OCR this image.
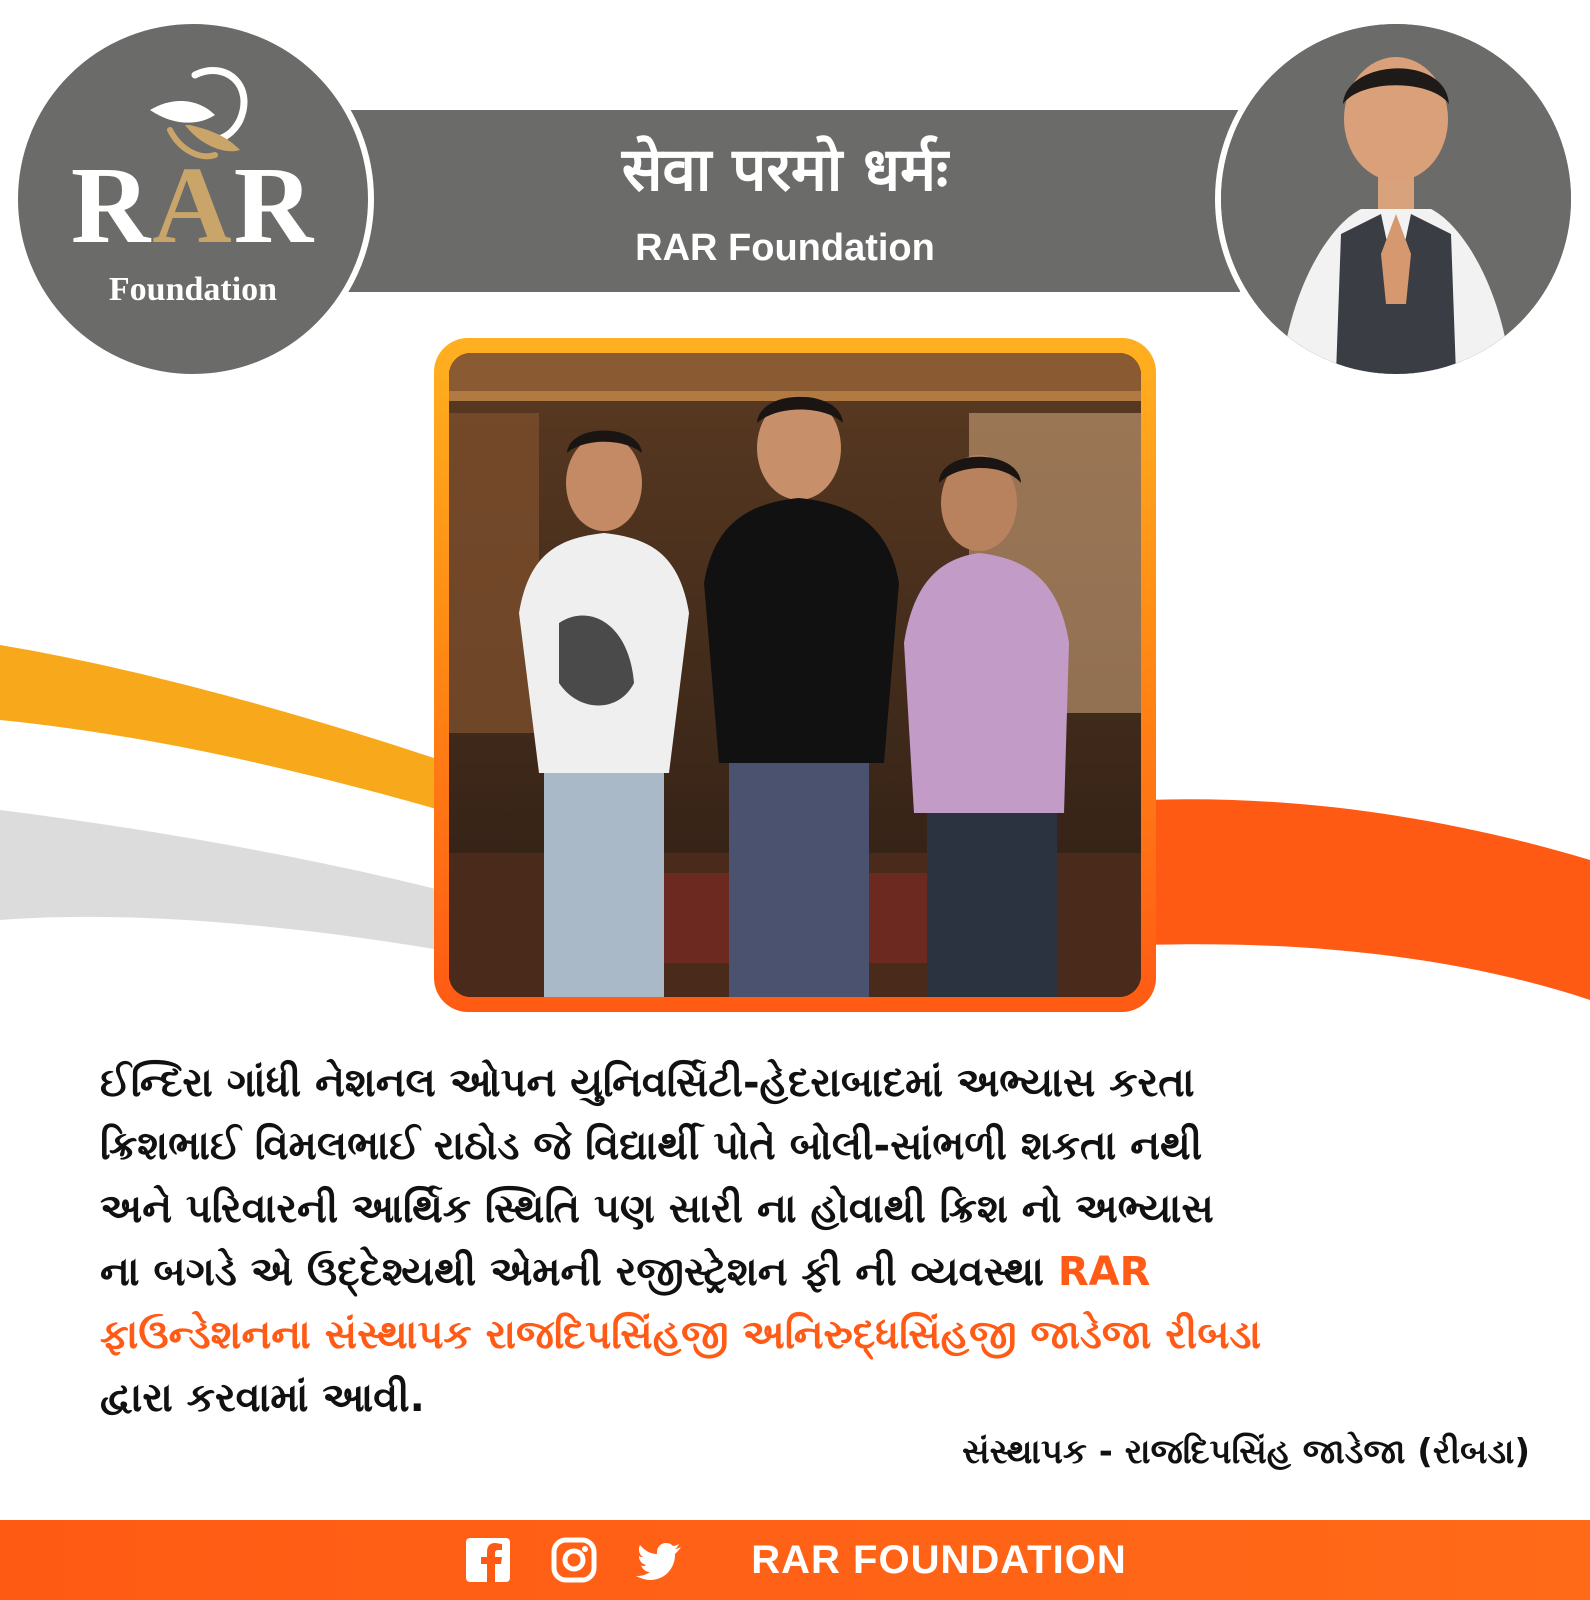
सेवा परमो धर्मः
RAR Foundation
RAR
Foundation
ઈન્દિરા ગાંધી નેશનલ ઓપન યુનિવર્સિટી-હેદરાબાદમાં અભ્યાસ કરતા
ક્રિશભાઈ વિમલભાઈ રાઠોડ જે વિદ્યાર્થી પોતે બોલી-સાંભળી શકતા નથી
અને પરિવારની આર્થિક સ્થિતિ પણ સારી ના હોવાથી ક્રિશ નો અભ્યાસ
ના બગડે એ ઉદ્દેશ્યથી એમની રજીસ્ટ્રેશન ફી ની વ્યવસ્થા RAR
ફાઉન્ડેશનના સંસ્થાપક રાજદિપસિંહજી અનિરુદ્ધસિંહજી જાડેજા રીબડા
દ્વારા કરવામાં આવી.
સંસ્થાપક - રાજદિપસિંહ જાડેજા (રીબડા)
RAR FOUNDATION
